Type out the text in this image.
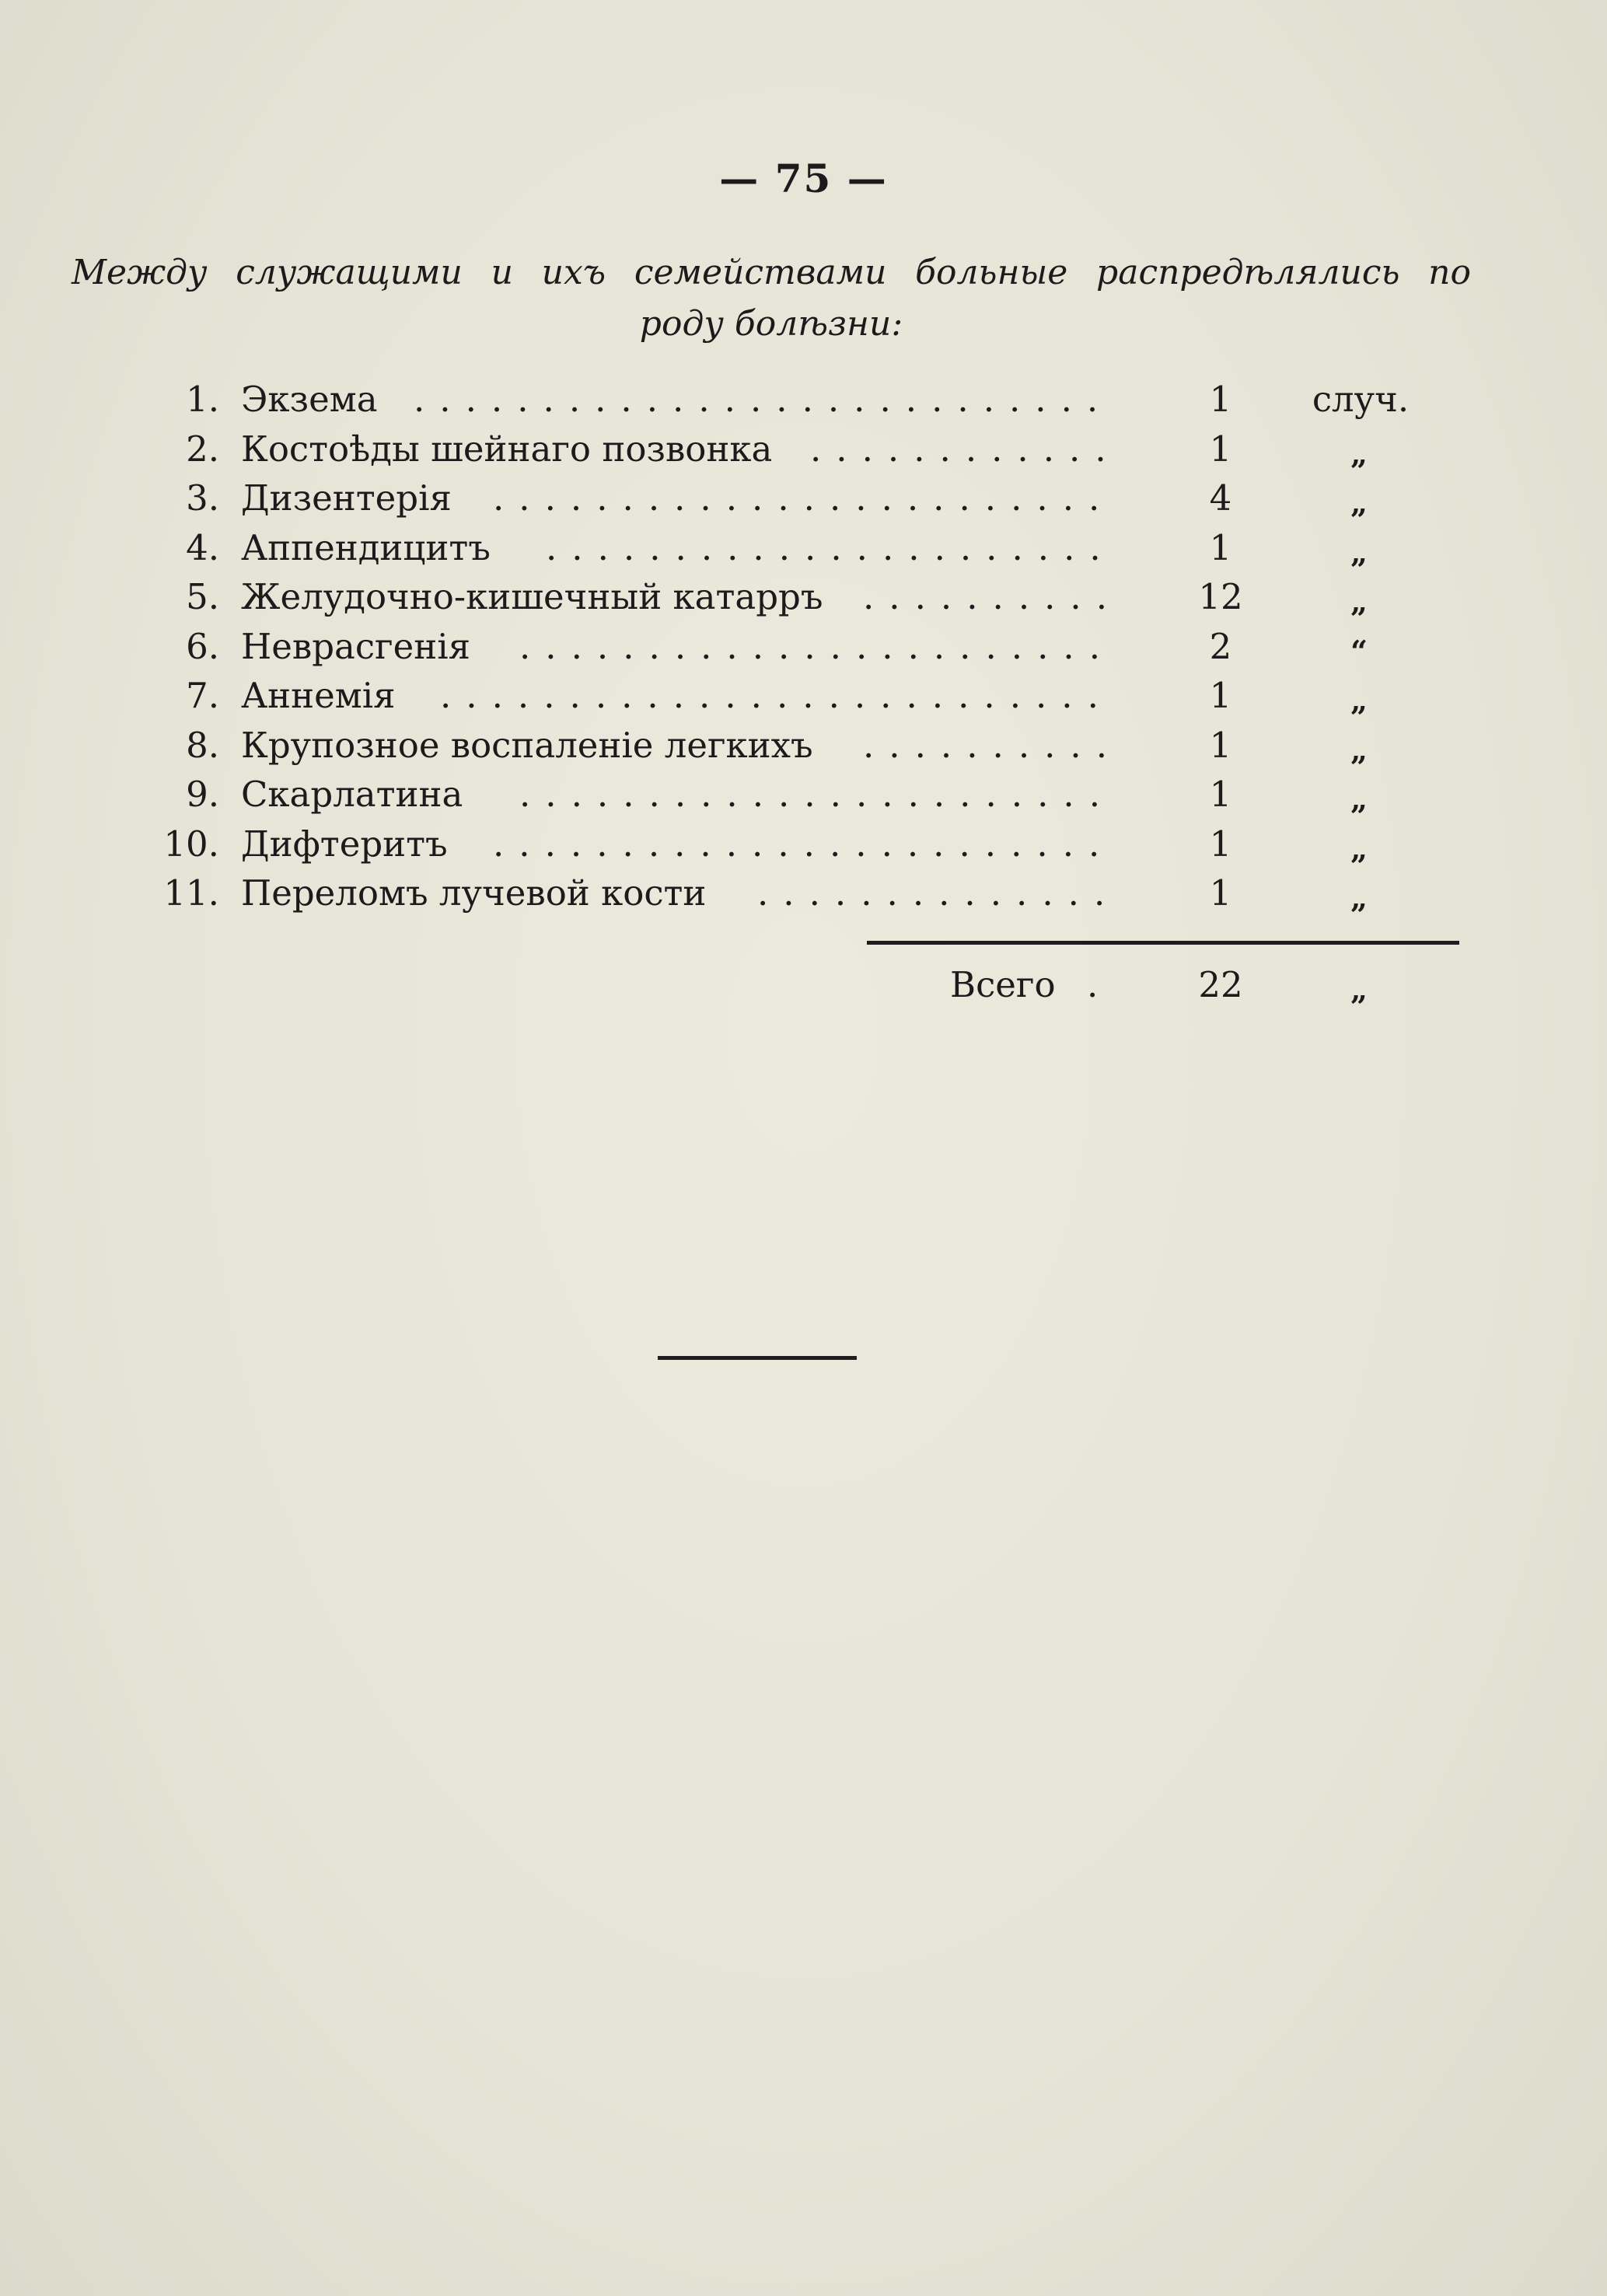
— 75 —
Между служащими и ихъ семействами больные распредѣлялись по
роду болѣзни:
1. Экзема ...........................	1	случ.
2. Костоѣды шейнаго позвонка ............	1	„
3. Дизентерія ........................	4	„
4. Аппендицитъ ......................	1	„
5. Желудочно-кишечный катарръ .......... 12	„
6. Неврасгенія .......................	2	“
7. Аннемія ..........................	1	„
8. Крупозное воспаленіе легкихъ ..........	1	„
9. Скарлатина .......................	1	„
10. Дифтеритъ ........................	1	„
11. Переломъ лучевой кости ..............	1	„
Всего .	22	„
